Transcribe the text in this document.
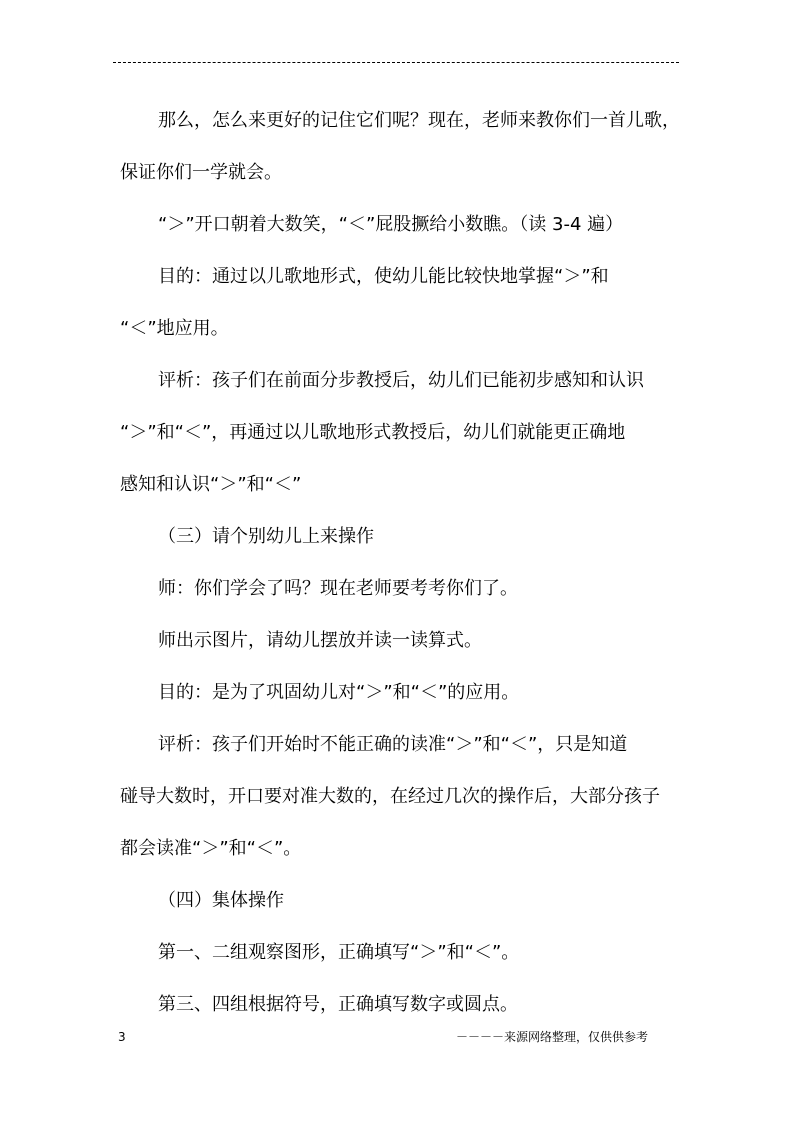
那么，怎么来更好的记住它们呢？现在，老师来教你们一首儿歌，

保证你们一学就会。

“＞”开口朝着大数笑，“＜”屁股撅给小数瞧。（读 3-4 遍）

目的：通过以儿歌地形式，使幼儿能比较快地掌握“＞”和

“＜”地应用。

评析：孩子们在前面分步教授后，幼儿们已能初步感知和认识

“＞”和“＜”，再通过以儿歌地形式教授后，幼儿们就能更正确地

感知和认识“＞”和“＜”

（三）请个别幼儿上来操作

师：你们学会了吗？现在老师要考考你们了。

师出示图片，请幼儿摆放并读一读算式。

目的：是为了巩固幼儿对“＞”和“＜”的应用。

评析：孩子们开始时不能正确的读准“＞”和“＜”，只是知道

碰导大数时，开口要对准大数的，在经过几次的操作后，大部分孩子

都会读准“＞”和“＜”。

（四）集体操作

第一、二组观察图形，正确填写“＞”和“＜”。

第三、四组根据符号，正确填写数字或圆点。

3	－－－－来源网络整理，仅供供参考
